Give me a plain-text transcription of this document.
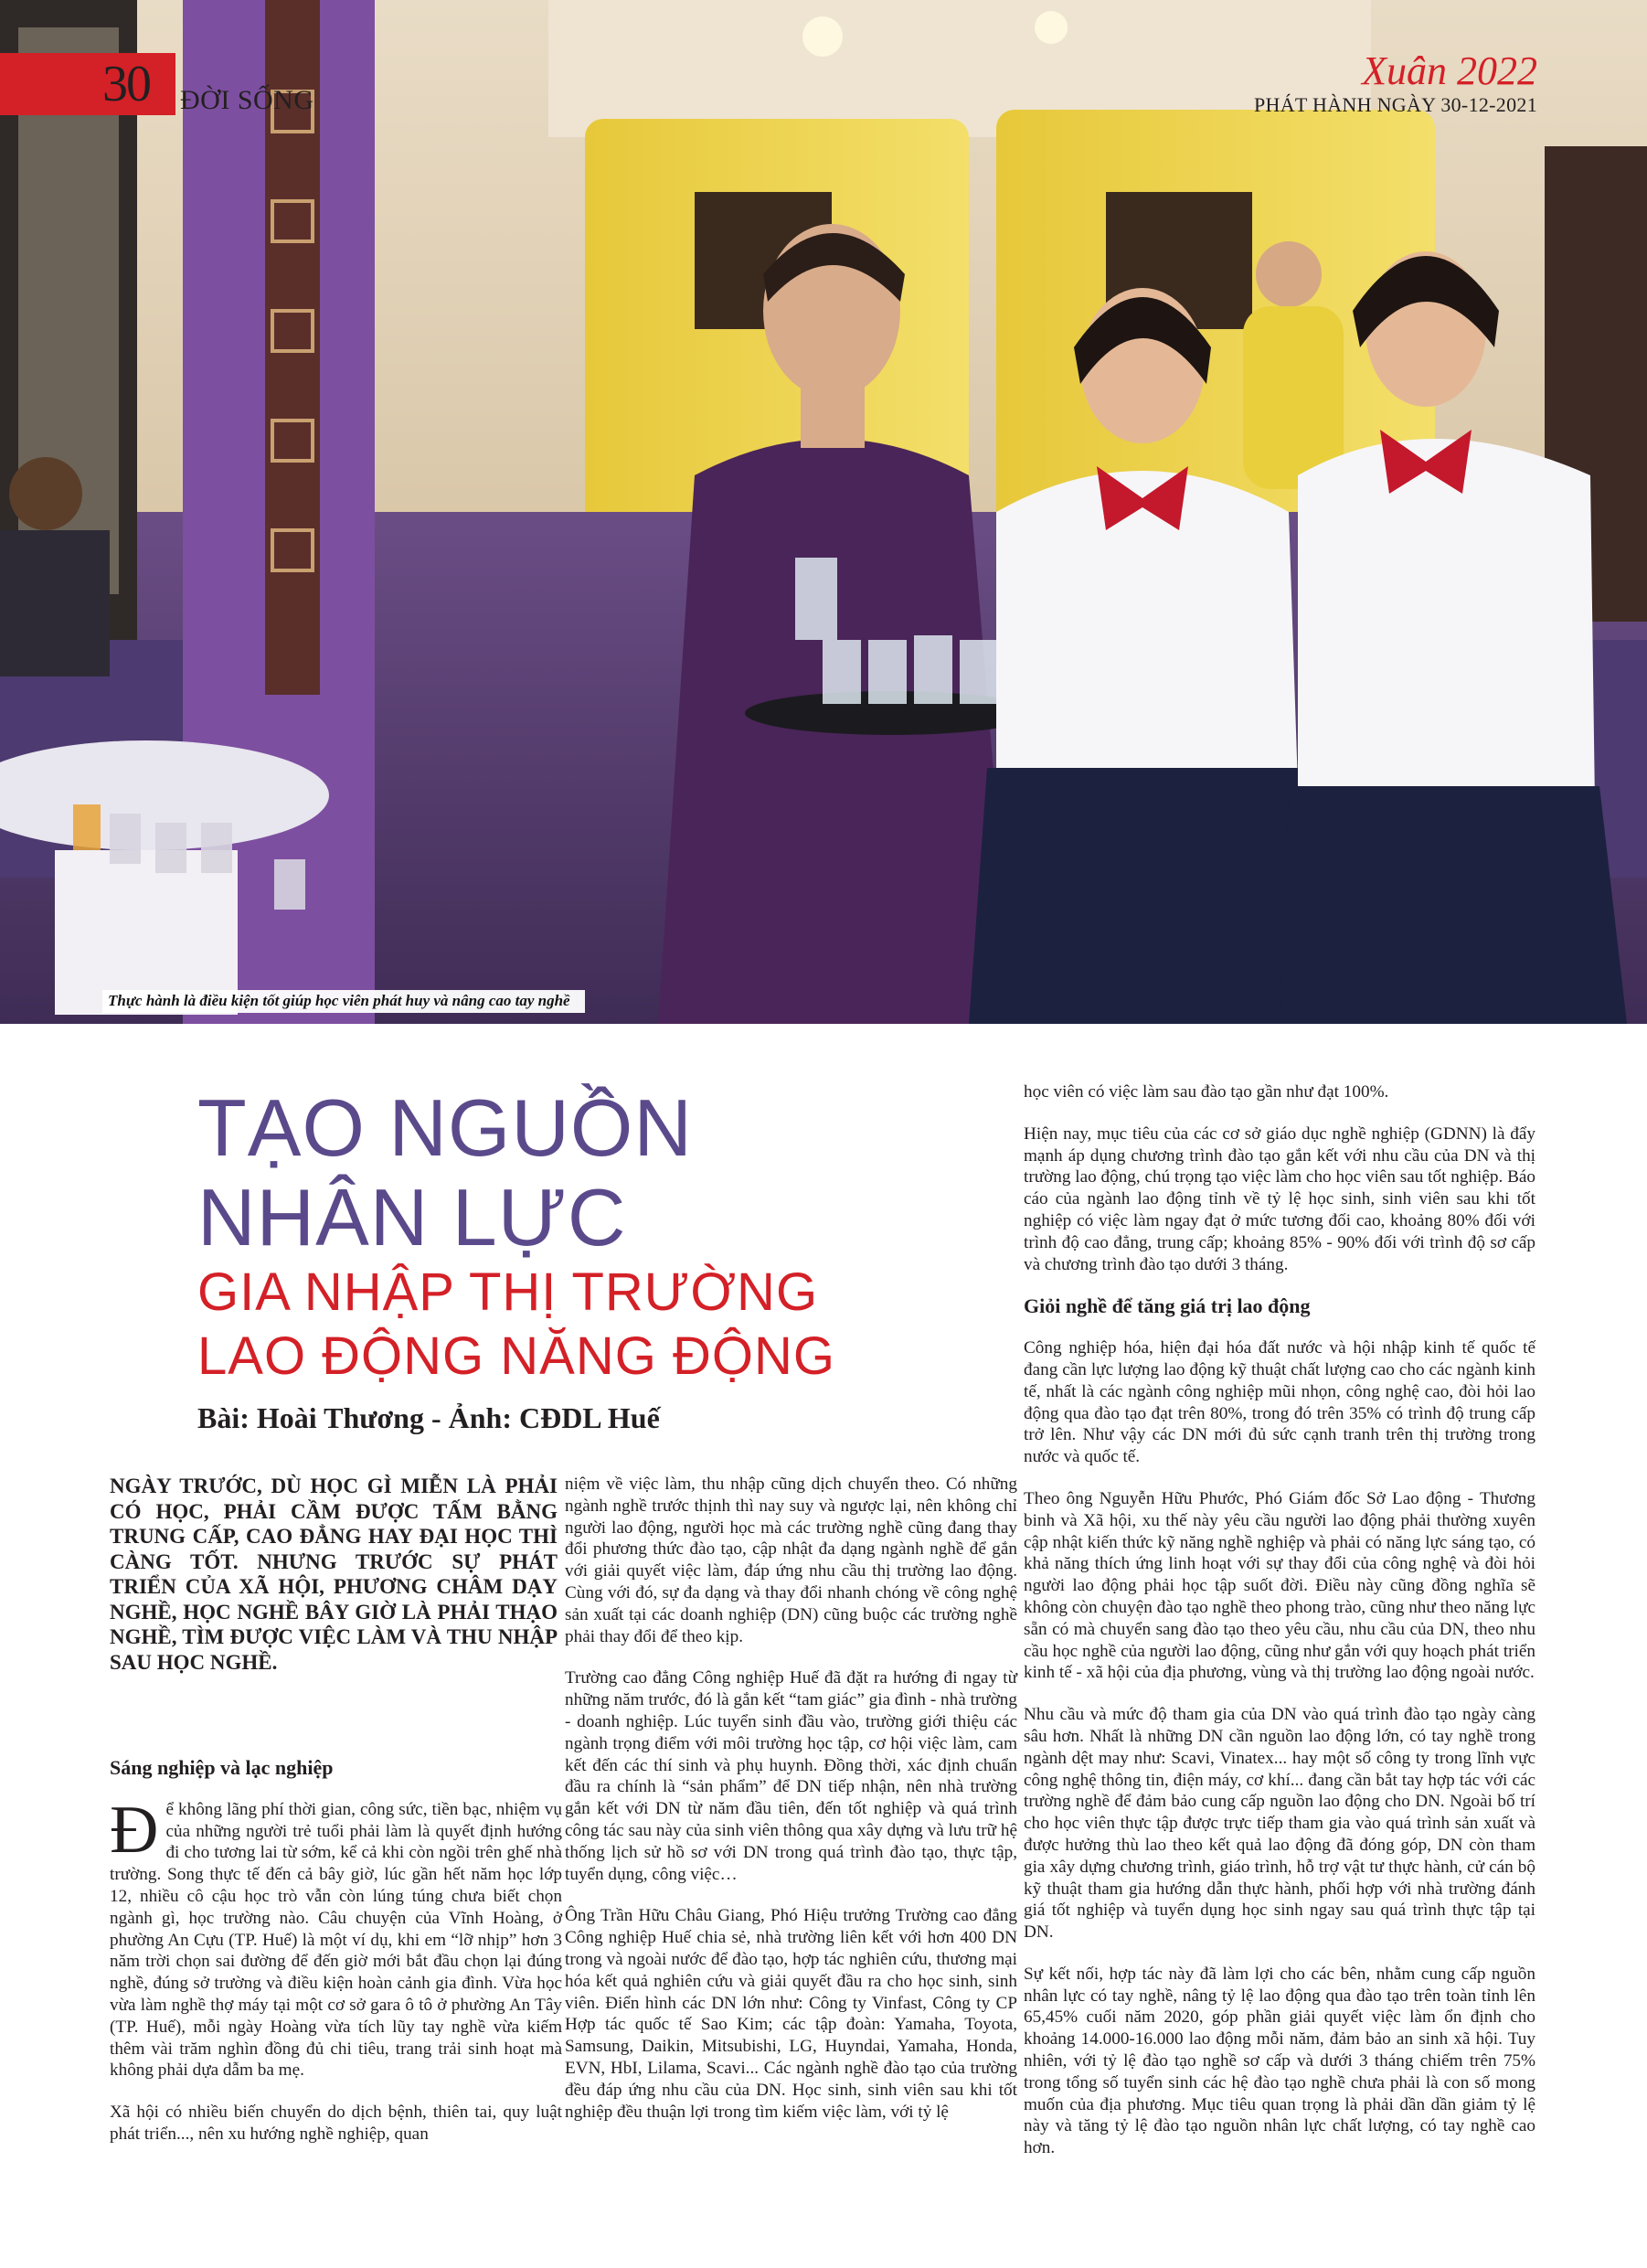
Thực hành là điều kiện tốt giúp học viên phát huy và nâng cao tay nghề
30 ĐỜI SỐNG
Xuân 2022
PHÁT HÀNH NGÀY 30-12-2021
TẠO NGUỒN
NHÂN LỰC
GIA NHẬP THỊ TRƯỜNG
LAO ĐỘNG NĂNG ĐỘNG
Bài: Hoài Thương - Ảnh: CĐDL Huế
NGÀY TRƯỚC, DÙ HỌC GÌ MIỄN LÀ PHẢI CÓ HỌC, PHẢI CẦM ĐƯỢC TẤM BẰNG TRUNG CẤP, CAO ĐẲNG HAY ĐẠI HỌC THÌ CÀNG TỐT. NHƯNG TRƯỚC SỰ PHÁT TRIỂN CỦA XÃ HỘI, PHƯƠNG CHÂM DẠY NGHỀ, HỌC NGHỀ BÂY GIỜ LÀ PHẢI THẠO NGHỀ, TÌM ĐƯỢC VIỆC LÀM VÀ THU NHẬP SAU HỌC NGHỀ.

Sáng nghiệp và lạc nghiệp

Để không lãng phí thời gian, công sức, tiền bạc, nhiệm vụ của những người trẻ tuổi phải làm là quyết định hướng đi cho tương lai từ sớm, kể cả khi còn ngồi trên ghế nhà trường. Song thực tế đến cả bây giờ, lúc gần hết năm học lớp 12, nhiều cô cậu học trò vẫn còn lúng túng chưa biết chọn ngành gì, học trường nào. Câu chuyện của Vĩnh Hoàng, ở phường An Cựu (TP. Huế) là một ví dụ, khi em “lỡ nhịp” hơn 3 năm trời chọn sai đường để đến giờ mới bắt đầu chọn lại đúng nghề, đúng sở trường và điều kiện hoàn cảnh gia đình. Vừa học vừa làm nghề thợ máy tại một cơ sở gara ô tô ở phường An Tây (TP. Huế), mỗi ngày Hoàng vừa tích lũy tay nghề vừa kiếm thêm vài trăm nghìn đồng đủ chi tiêu, trang trải sinh hoạt mà không phải dựa dẫm ba mẹ.

Xã hội có nhiều biến chuyển do dịch bệnh, thiên tai, quy luật phát triển..., nên xu hướng nghề nghiệp, quan

niệm về việc làm, thu nhập cũng dịch chuyển theo. Có những ngành nghề trước thịnh thì nay suy và ngược lại, nên không chỉ người lao động, người học mà các trường nghề cũng đang thay đổi phương thức đào tạo, cập nhật đa dạng ngành nghề để gắn với giải quyết việc làm, đáp ứng nhu cầu thị trường lao động. Cùng với đó, sự đa dạng và thay đổi nhanh chóng về công nghệ sản xuất tại các doanh nghiệp (DN) cũng buộc các trường nghề phải thay đổi để theo kịp.

Trường cao đẳng Công nghiệp Huế đã đặt ra hướng đi ngay từ những năm trước, đó là gắn kết “tam giác” gia đình - nhà trường - doanh nghiệp. Lúc tuyển sinh đầu vào, trường giới thiệu các ngành trọng điểm với môi trường học tập, cơ hội việc làm, cam kết đến các thí sinh và phụ huynh. Đồng thời, xác định chuẩn đầu ra chính là “sản phẩm” để DN tiếp nhận, nên nhà trường gắn kết với DN từ năm đầu tiên, đến tốt nghiệp và quá trình công tác sau này của sinh viên thông qua xây dựng và lưu trữ hệ thống lịch sử hồ sơ với DN trong quá trình đào tạo, thực tập, tuyển dụng, công việc…

Ông Trần Hữu Châu Giang, Phó Hiệu trưởng Trường cao đẳng Công nghiệp Huế chia sẻ, nhà trường liên kết với hơn 400 DN trong và ngoài nước để đào tạo, hợp tác nghiên cứu, thương mại hóa kết quả nghiên cứu và giải quyết đầu ra cho học sinh, sinh viên. Điển hình các DN lớn như: Công ty Vinfast, Công ty CP Hợp tác quốc tế Sao Kim; các tập đoàn: Yamaha, Toyota, Samsung, Daikin, Mitsubishi, LG, Huyndai, Yamaha, Honda, EVN, HbI, Lilama, Scavi... Các ngành nghề đào tạo của trường đều đáp ứng nhu cầu của DN. Học sinh, sinh viên sau khi tốt nghiệp đều thuận lợi trong tìm kiếm việc làm, với tỷ lệ

học viên có việc làm sau đào tạo gần như đạt 100%.

Hiện nay, mục tiêu của các cơ sở giáo dục nghề nghiệp (GDNN) là đẩy mạnh áp dụng chương trình đào tạo gắn kết với nhu cầu của DN và thị trường lao động, chú trọng tạo việc làm cho học viên sau tốt nghiệp. Báo cáo của ngành lao động tỉnh về tỷ lệ học sinh, sinh viên sau khi tốt nghiệp có việc làm ngay đạt ở mức tương đối cao, khoảng 80% đối với trình độ cao đẳng, trung cấp; khoảng 85% - 90% đối với trình độ sơ cấp và chương trình đào tạo dưới 3 tháng.

Giỏi nghề để tăng giá trị lao động

Công nghiệp hóa, hiện đại hóa đất nước và hội nhập kinh tế quốc tế đang cần lực lượng lao động kỹ thuật chất lượng cao cho các ngành kinh tế, nhất là các ngành công nghiệp mũi nhọn, công nghệ cao, đòi hỏi lao động qua đào tạo đạt trên 80%, trong đó trên 35% có trình độ trung cấp trở lên. Như vậy các DN mới đủ sức cạnh tranh trên thị trường trong nước và quốc tế.

Theo ông Nguyễn Hữu Phước, Phó Giám đốc Sở Lao động - Thương binh và Xã hội, xu thế này yêu cầu người lao động phải thường xuyên cập nhật kiến thức kỹ năng nghề nghiệp và phải có năng lực sáng tạo, có khả năng thích ứng linh hoạt với sự thay đổi của công nghệ và đòi hỏi người lao động phải học tập suốt đời. Điều này cũng đồng nghĩa sẽ không còn chuyện đào tạo nghề theo phong trào, cũng như theo năng lực sẵn có mà chuyển sang đào tạo theo yêu cầu, nhu cầu của DN, theo nhu cầu học nghề của người lao động, cũng như gắn với quy hoạch phát triển kinh tế - xã hội của địa phương, vùng và thị trường lao động ngoài nước.

Nhu cầu và mức độ tham gia của DN vào quá trình đào tạo ngày càng sâu hơn. Nhất là những DN cần nguồn lao động lớn, có tay nghề trong ngành dệt may như: Scavi, Vinatex... hay một số công ty trong lĩnh vực công nghệ thông tin, điện máy, cơ khí... đang cần bắt tay hợp tác với các trường nghề để đảm bảo cung cấp nguồn lao động cho DN. Ngoài bố trí cho học viên thực tập được trực tiếp tham gia vào quá trình sản xuất và được hưởng thù lao theo kết quả lao động đã đóng góp, DN còn tham gia xây dựng chương trình, giáo trình, hỗ trợ vật tư thực hành, cử cán bộ kỹ thuật tham gia hướng dẫn thực hành, phối hợp với nhà trường đánh giá tốt nghiệp và tuyển dụng học sinh ngay sau quá trình thực tập tại DN.

Sự kết nối, hợp tác này đã làm lợi cho các bên, nhằm cung cấp nguồn nhân lực có tay nghề, nâng tỷ lệ lao động qua đào tạo trên toàn tỉnh lên 65,45% cuối năm 2020, góp phần giải quyết việc làm ổn định cho khoảng 14.000-16.000 lao động mỗi năm, đảm bảo an sinh xã hội. Tuy nhiên, với tỷ lệ đào tạo nghề sơ cấp và dưới 3 tháng chiếm trên 75% trong tổng số tuyển sinh các hệ đào tạo nghề chưa phải là con số mong muốn của địa phương. Mục tiêu quan trọng là phải dần dần giảm tỷ lệ này và tăng tỷ lệ đào tạo nguồn nhân lực chất lượng, có tay nghề cao hơn.
